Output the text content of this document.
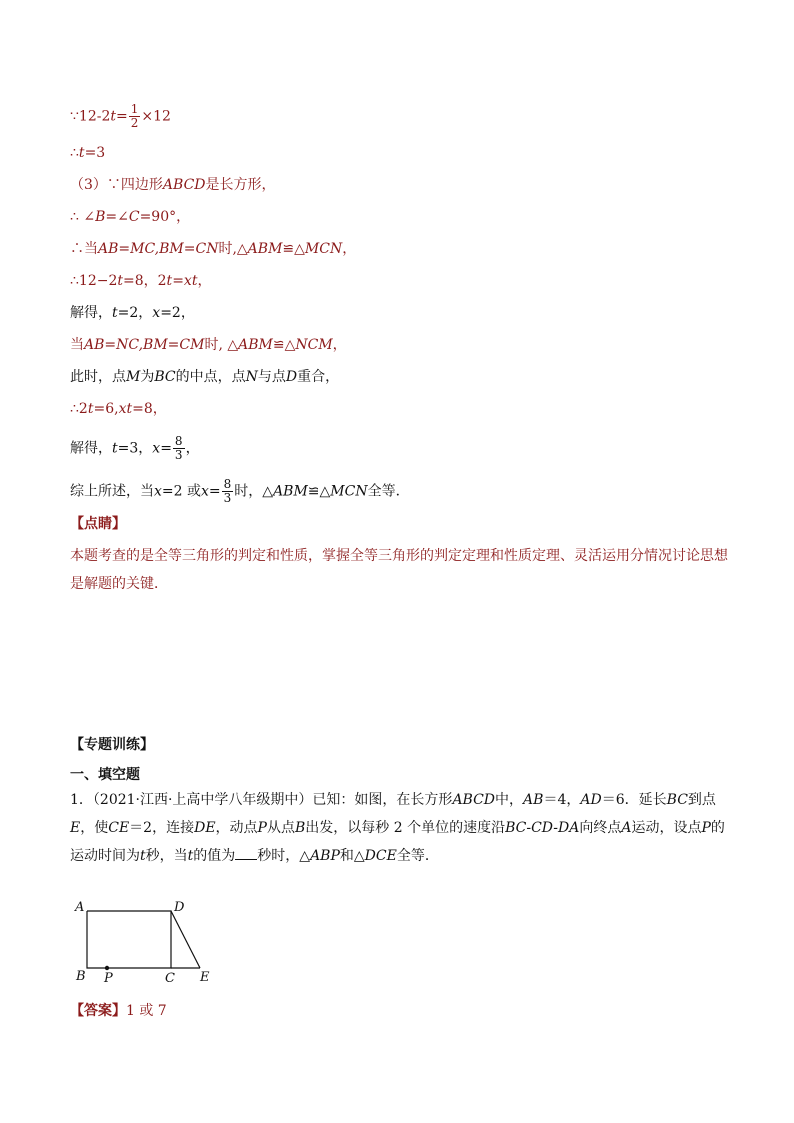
∵12-2t= $\frac{1}{2} \times 12$
∴t=3
（3）∵四边形ABCD是长方形，
∴ ∠B=∠C=90°，
∴当AB=MC,BM=CN时,△ABM≌△MCN，
∴12−2t=8，2t=xt，
解得，t=2，x=2，
当AB=NC,BM=CM时, △ABM≌△NCM，
此时，点M为BC的中点，点N与点D重合，
∴2t=6,xt=8，
解得，t=3，$x= \frac{8}{3}$ ，
综上所述，当x=2 或$x= \frac{8}{3}$ 时，△ABM≌△MCN全等．
【点睛】
本题考查的是全等三角形的判定和性质，掌握全等三角形的判定定理和性质定理、灵活运用分情况讨论思想是解题的关键．
【专题训练】
一、填空题
1．（2021·江西·上高中学八年级期中）已知：如图，在长方形ABCD中，AB＝4，AD＝6．延长BC到点E，使CE＝2，连接DE，动点P从点B出发，以每秒 2 个单位的速度沿BC-CD-DA向终点A运动，设点P的运动时间为t秒，当t的值为 秒时，△ABP和△DCE全等．
A	D
B P	C E
【答案】1 或 7
